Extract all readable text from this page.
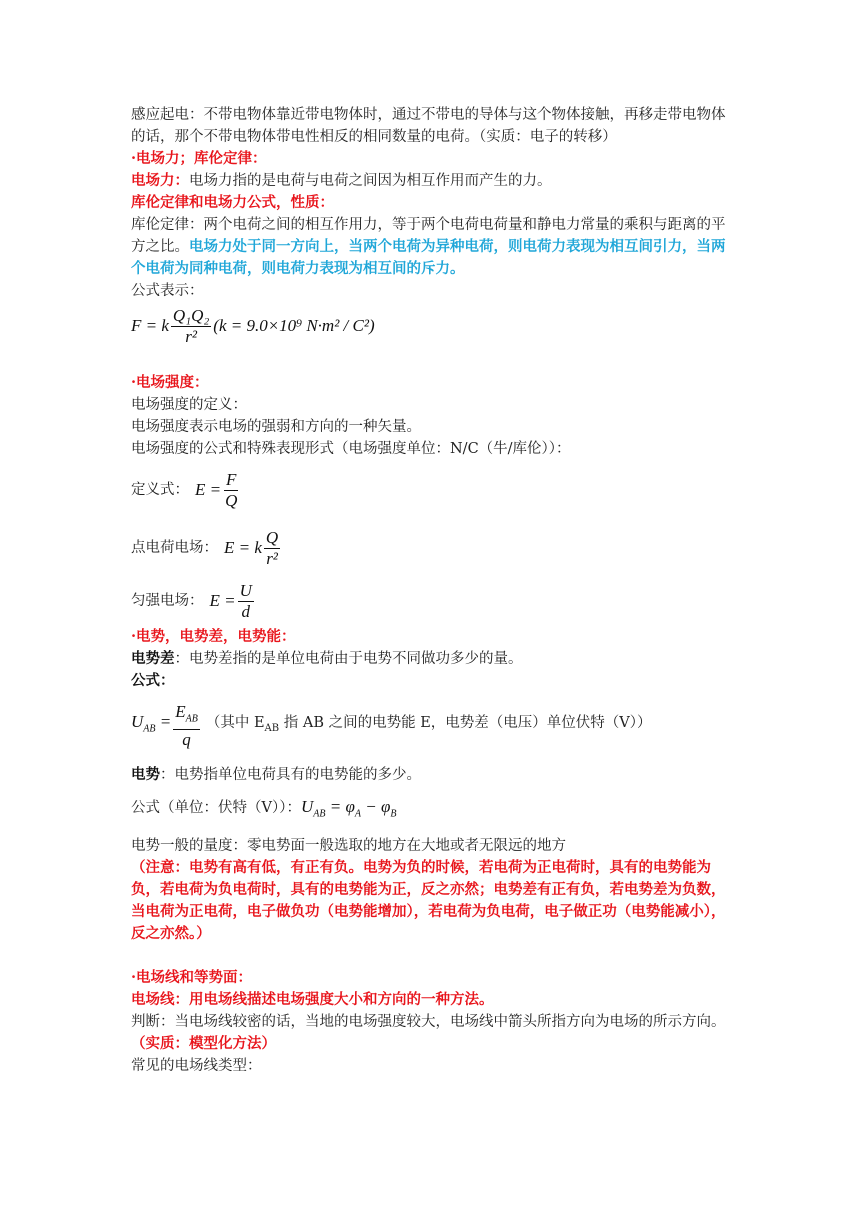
感应起电：不带电物体靠近带电物体时，通过不带电的导体与这个物体接触，再移走带电物体的话，那个不带电物体带电性相反的相同数量的电荷。（实质：电子的转移）

·电场力；库伦定律：

电场力：电场力指的是电荷与电荷之间因为相互作用而产生的力。

库伦定律和电场力公式，性质：

库伦定律：两个电荷之间的相互作用力，等于两个电荷电荷量和静电力常量的乘积与距离的平方之比。电场力处于同一方向上，当两个电荷为异种电荷，则电荷力表现为相互间引力，当两个电荷为同种电荷，则电荷力表现为相互间的斥力。

公式表示：

F = k $\frac{\text{Q₁Q₂}}{\text{r²}} (k = 9.0\times 10^9$ N·m² / C²)

·电场强度：

电场强度的定义：

电场强度表示电场的强弱和方向的一种矢量。

电场强度的公式和特殊表现形式（电场强度单位：N/C（牛/库伦））：

定义式： $E = \frac{F}{Q}$
点电荷电场： E = k $\frac{Q}{\text{r²}}$
匀强电场： $E = \frac{U}{d}$

·电势，电势差，电势能：

电势差：电势差指的是单位电荷由于电势不同做功多少的量。

公式：

$U_{AB} = \frac{E_{AB}}{q}$ （其中 $E_{AB}$ 指 AB 之间的电势能 E，电势差（电压）单位伏特（V））

电势：电势指单位电荷具有的电势能的多少。

公式（单位：伏特（V））：$U_{AB} = \varphi_A - \varphi_B$

电势一般的量度：零电势面一般选取的地方在大地或者无限远的地方

（注意：电势有高有低，有正有负。电势为负的时候，若电荷为正电荷时，具有的电势能为负，若电荷为负电荷时，具有的电势能为正，反之亦然；电势差有正有负，若电势差为负数，当电荷为正电荷，电子做负功（电势能增加），若电荷为负电荷，电子做正功（电势能减小），反之亦然。）

·电场线和等势面：

电场线：用电场线描述电场强度大小和方向的一种方法。

判断：当电场线较密的话，当地的电场强度较大，电场线中箭头所指方向为电场的所示方向。

（实质：模型化方法）

常见的电场线类型：
